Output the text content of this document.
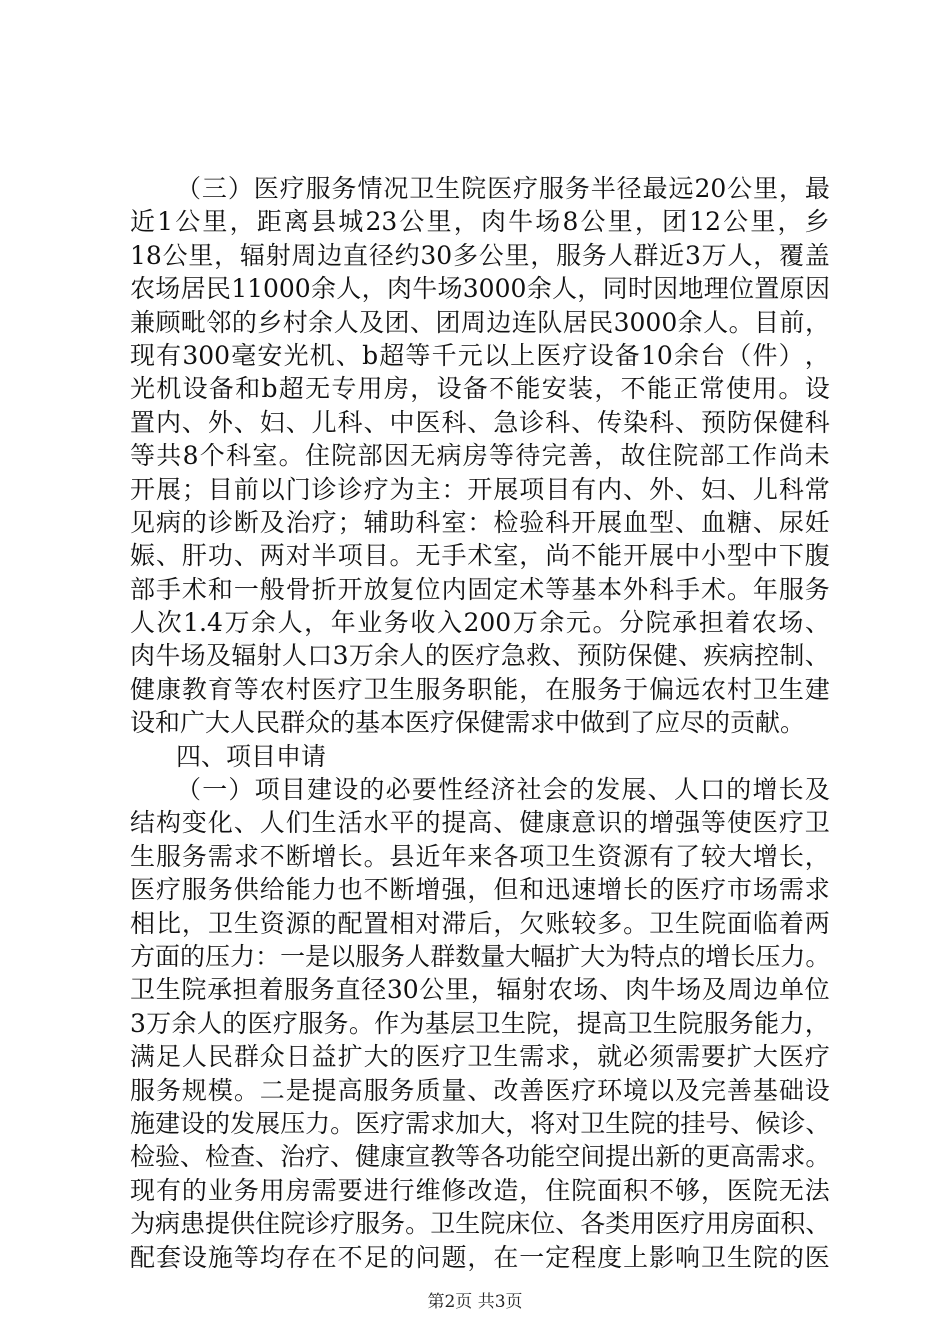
（ 三 ） 医 疗 服 务 情 况 卫 生 院 医 疗 服 务 半 径 最 远 20 公 里 ， 最
近 1 公 里 ， 距 离 县 城 23 公 里 ， 肉 牛 场 8 公 里 ， 团 12 公 里 ， 乡
18 公 里 ， 辐 射 周 边 直 径 约 30 多 公 里 ， 服 务 人 群 近 3 万 人 ， 覆 盖
农 场 居 民 11000 余 人 ， 肉 牛 场 3000 余 人 ， 同 时 因 地 理 位 置 原 因
兼 顾 毗 邻 的 乡 村 余 人 及 团 、 团 周 边 连 队 居 民 3000 余 人 。 目 前 ，
现 有 300 毫 安 光 机 、 b 超 等 千 元 以 上 医 疗 设 备 10 余 台 （ 件 ） ，
光 机 设 备 和 b 超 无 专 用 房 ， 设 备 不 能 安 装 ， 不 能 正 常 使 用 。 设
置 内 、 外 、 妇 、 儿 科 、 中 医 科 、 急 诊 科 、 传 染 科 、 预 防 保 健 科
等 共 8 个 科 室 。 住 院 部 因 无 病 房 等 待 完 善 ， 故 住 院 部 工 作 尚 未
开 展 ； 目 前 以 门 诊 诊 疗 为 主 ： 开 展 项 目 有 内 、 外 、 妇 、 儿 科 常
见 病 的 诊 断 及 治 疗 ； 辅 助 科 室 ： 检 验 科 开 展 血 型 、 血 糖 、 尿 妊
娠 、 肝 功 、 两 对 半 项 目 。 无 手 术 室 ， 尚 不 能 开 展 中 小 型 中 下 腹
部 手 术 和 一 般 骨 折 开 放 复 位 内 固 定 术 等 基 本 外 科 手 术 。 年 服 务
人 次 1.4 万 余 人 ， 年 业 务 收 入 200 万 余 元 。 分 院 承 担 着 农 场 、
肉 牛 场 及 辐 射 人 口 3 万 余 人 的 医 疗 急 救 、 预 防 保 健 、 疾 病 控 制 、
健 康 教 育 等 农 村 医 疗 卫 生 服 务 职 能 ， 在 服 务 于 偏 远 农 村 卫 生 建
设和广大人民群众的基本医疗保健需求中做到了应尽的贡献。
四、项目申请
（ 一 ） 项 目 建 设 的 必 要 性 经 济 社 会 的 发 展 、 人 口 的 增 长 及
结 构 变 化 、 人 们 生 活 水 平 的 提 高 、 健 康 意 识 的 增 强 等 使 医 疗 卫
生 服 务 需 求 不 断 增 长 。 县 近 年 来 各 项 卫 生 资 源 有 了 较 大 增 长 ，
医 疗 服 务 供 给 能 力 也 不 断 增 强 ， 但 和 迅 速 增 长 的 医 疗 市 场 需 求
相 比 ， 卫 生 资 源 的 配 置 相 对 滞 后 ， 欠 账 较 多 。 卫 生 院 面 临 着 两
方 面 的 压 力 ： 一 是 以 服 务 人 群 数 量 大 幅 扩 大 为 特 点 的 增 长 压 力 。
卫 生 院 承 担 着 服 务 直 径 30 公 里 ， 辐 射 农 场 、 肉 牛 场 及 周 边 单 位
3 万 余 人 的 医 疗 服 务 。 作 为 基 层 卫 生 院 ， 提 高 卫 生 院 服 务 能 力 ，
满 足 人 民 群 众 日 益 扩 大 的 医 疗 卫 生 需 求 ， 就 必 须 需 要 扩 大 医 疗
服 务 规 模 。 二 是 提 高 服 务 质 量 、 改 善 医 疗 环 境 以 及 完 善 基 础 设
施 建 设 的 发 展 压 力 。 医 疗 需 求 加 大 ， 将 对 卫 生 院 的 挂 号 、 候 诊 、
检 验 、 检 查 、 治 疗 、 健 康 宣 教 等 各 功 能 空 间 提 出 新 的 更 高 需 求 。
现 有 的 业 务 用 房 需 要 进 行 维 修 改 造 ， 住 院 面 积 不 够 ， 医 院 无 法
为 病 患 提 供 住 院 诊 疗 服 务 。 卫 生 院 床 位 、 各 类 用 医 疗 用 房 面 积 、
配 套 设 施 等 均 存 在 不 足 的 问 题 ， 在 一 定 程 度 上 影 响 卫 生 院 的 医
第2页 共3页
